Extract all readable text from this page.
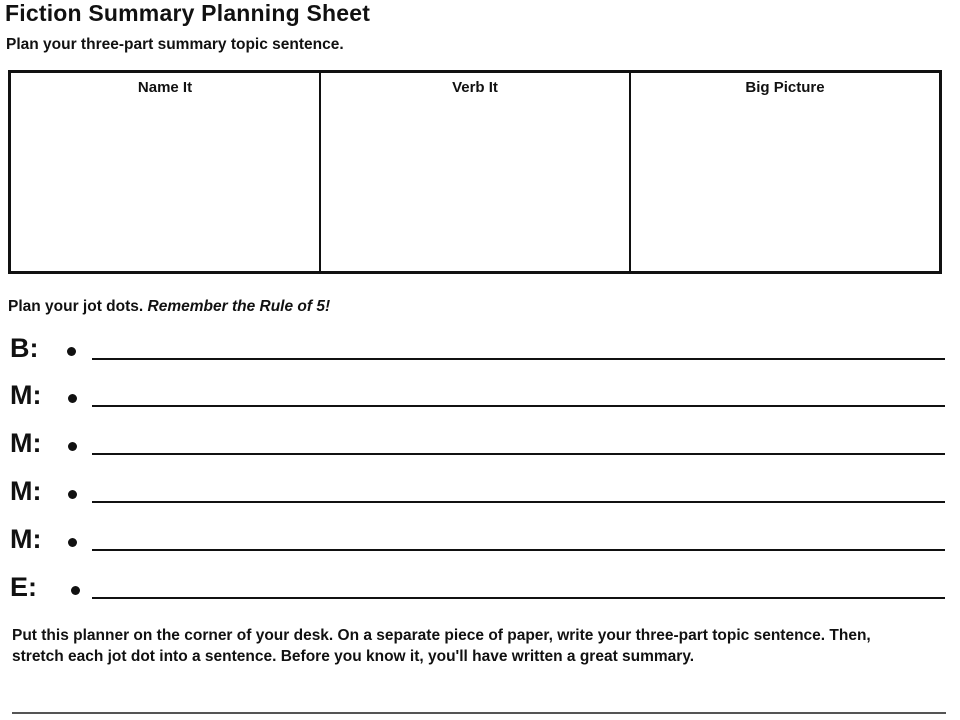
Fiction Summary Planning Sheet
Plan your three-part summary topic sentence.
Name It	Verb It	Big Picture
Plan your jot dots. Remember the Rule of 5!
B:
M:
M:
M:
M:
E:
Put this planner on the corner of your desk. On a separate piece of paper, write your three-part topic sentence. Then, stretch each jot dot into a sentence. Before you know it, you'll have written a great summary.
